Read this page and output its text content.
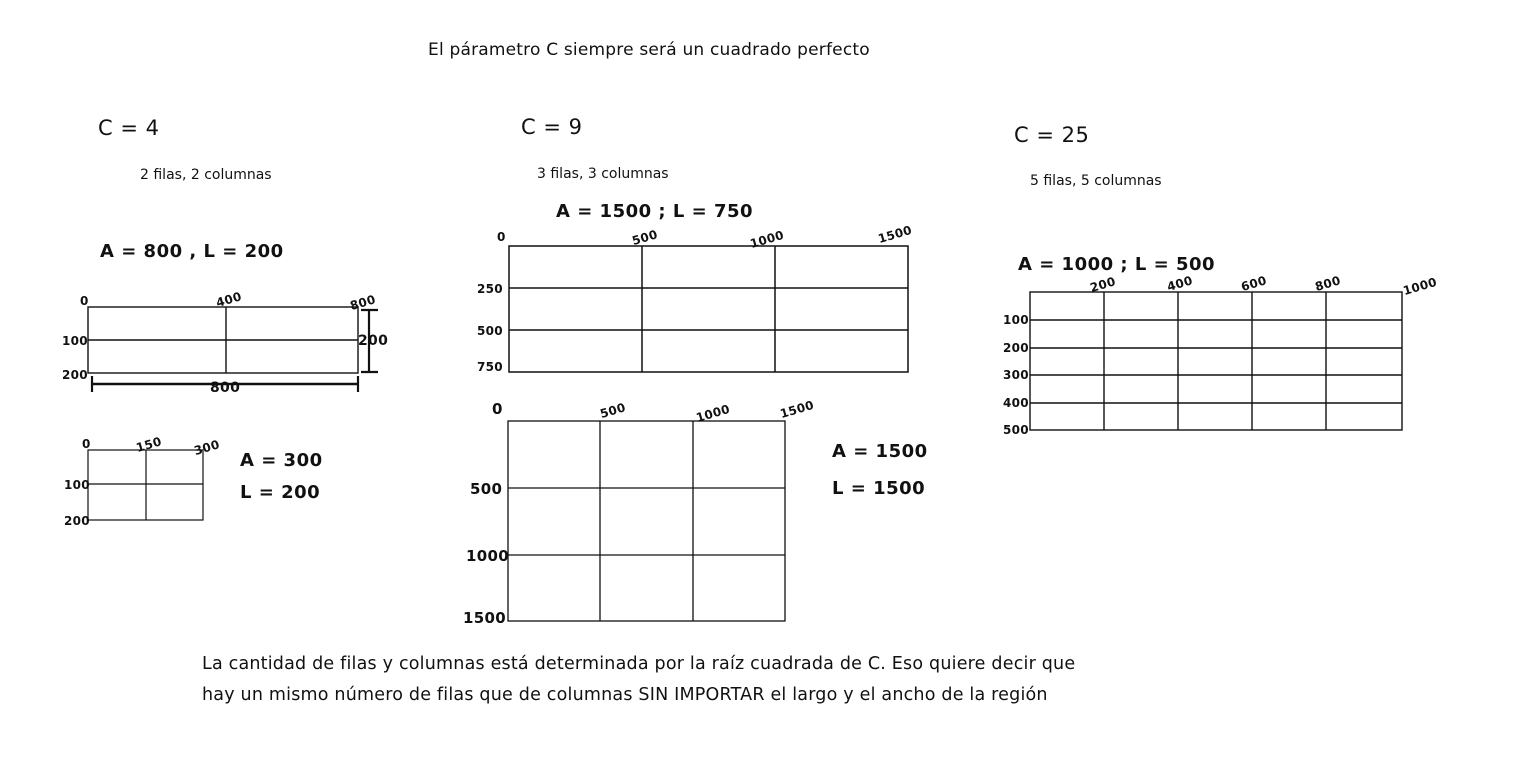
El párametro C siempre será un cuadrado perfecto
C = 4
2 filas, 2 columnas
A = 800 , L = 200
0	400	800
100
200
800
200
0	150 300
100
200
A = 300
L = 200
C = 9
3 filas, 3 columnas
A = 1500 ; L = 750
0	500	1000	1500
250
500
750
0	500	1000	1500
500
1000
1500
A = 1500
L = 1500
C = 25
5 filas, 5 columnas
A = 1000 ; L = 500
200	400	600	800	1000
100
200
300
400
500
La cantidad de filas y columnas está determinada por la raíz cuadrada de C. Eso quiere decir que
hay un mismo número de filas que de columnas SIN IMPORTAR el largo y el ancho de la región
